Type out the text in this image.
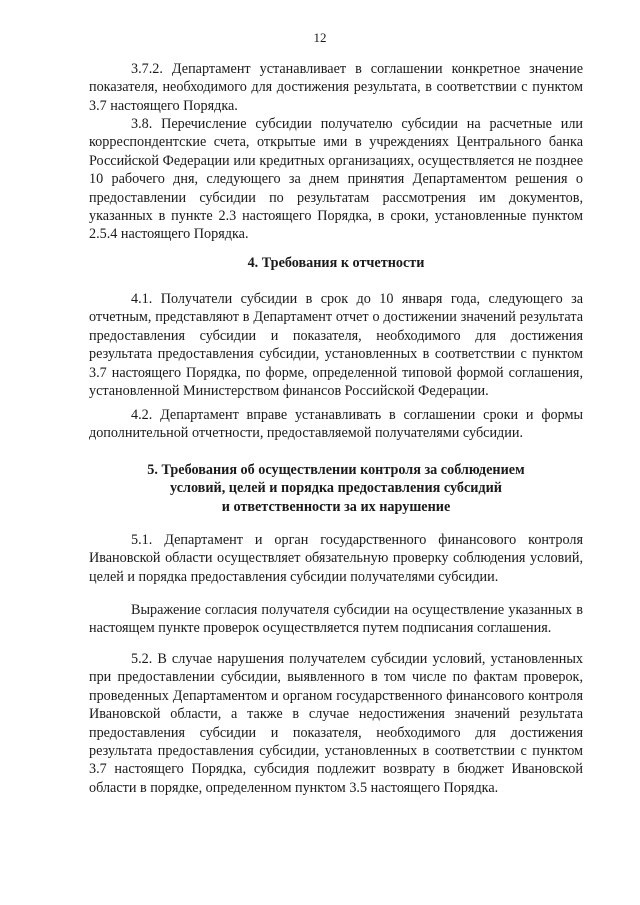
12

3.7.2. Департамент устанавливает в соглашении конкретное значение показателя, необходимого для достижения результата, в соответствии с пунктом 3.7 настоящего Порядка.

3.8. Перечисление субсидии получателю субсидии на расчетные или корреспондентские счета, открытые ими в учреждениях Центрального банка Российской Федерации или кредитных организациях, осуществляется не позднее 10 рабочего дня, следующего за днем принятия Департаментом решения о предоставлении субсидии по результатам рассмотрения им документов, указанных в пункте 2.3 настоящего Порядка, в сроки, установленные пунктом 2.5.4 настоящего Порядка.

4. Требования к отчетности

4.1. Получатели субсидии в срок до 10 января года, следующего за отчетным, представляют в Департамент отчет о достижении значений результата предоставления субсидии и показателя, необходимого для достижения результата предоставления субсидии, установленных в соответствии с пунктом 3.7 настоящего Порядка, по форме, определенной типовой формой соглашения, установленной Министерством финансов Российской Федерации.

4.2. Департамент вправе устанавливать в соглашении сроки и формы дополнительной отчетности, предоставляемой получателями субсидии.

5. Требования об осуществлении контроля за соблюдением
условий, целей и порядка предоставления субсидий
и ответственности за их нарушение

5.1. Департамент и орган государственного финансового контроля Ивановской области осуществляет обязательную проверку соблюдения условий, целей и порядка предоставления субсидии получателями субсидии.

Выражение согласия получателя субсидии на осуществление указанных в настоящем пункте проверок осуществляется путем подписания соглашения.

5.2. В случае нарушения получателем субсидии условий, установленных при предоставлении субсидии, выявленного в том числе по фактам проверок, проведенных Департаментом и органом государственного финансового контроля Ивановской области, а также в случае недостижения значений результата предоставления субсидии и показателя, необходимого для достижения результата предоставления субсидии, установленных в соответствии с пунктом 3.7 настоящего Порядка, субсидия подлежит возврату в бюджет Ивановской области в порядке, определенном пунктом 3.5 настоящего Порядка.
